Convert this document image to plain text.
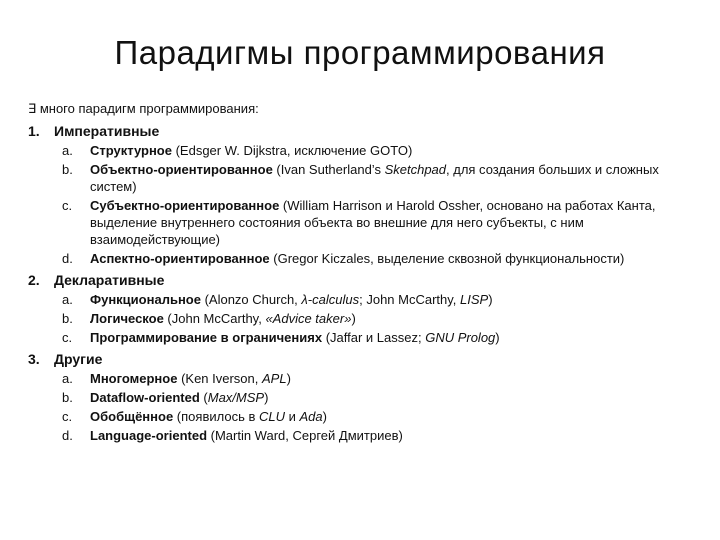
Парадигмы программирования
∃ много парадигм программирования:
1.	Императивные
a.	Структурное (Edsger W. Dijkstra, исключение GOTO)
b.	Объектно-ориентированное (Ivan Sutherland’s Sketchpad, для создания больших и сложных систем)
c.	Субъектно-ориентированное (William Harrison и Harold Ossher, основано на работах Канта, выделение внутреннего состояния объекта во внешние для него субъекты, с ним взаимодействующие)
d.	Аспектно-ориентированное (Gregor Kiczales, выделение сквозной функциональности)
2.	Декларативные
a.	Функциональное (Alonzo Church, λ-calculus; John McCarthy, LISP)
b.	Логическое (John McCarthy, «Advice taker»)
c.	Программирование в ограничениях (Jaffar и Lassez; GNU Prolog)
3.	Другие
a.	Многомерное (Ken Iverson, APL)
b.	Dataflow-oriented (Max/MSP)
c.	Обобщённое (появилось в CLU и Ada)
d.	Language-oriented (Martin Ward, Сергей Дмитриев)
